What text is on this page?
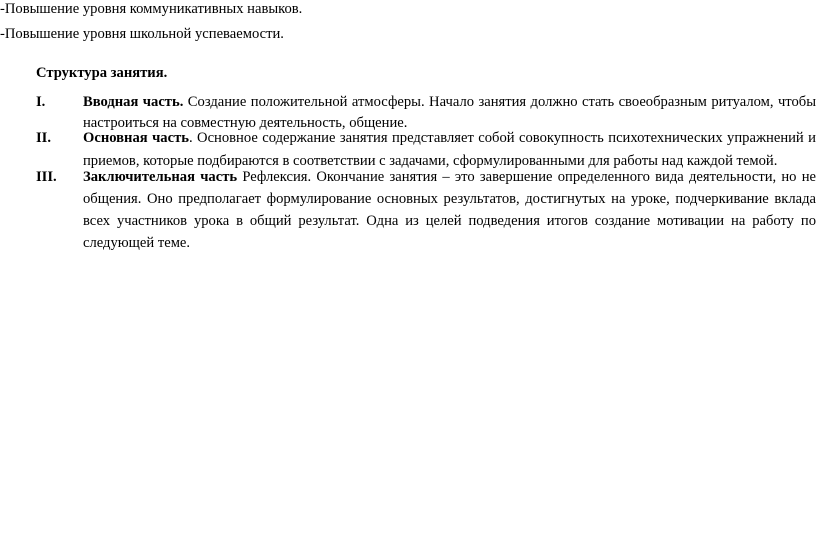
-Повышение уровня коммуникативных навыков.
-Повышение уровня школьной успеваемости.
Структура занятия.
I.	Вводная часть. Создание положительной атмосферы. Начало занятия должно стать своеобразным ритуалом, чтобы настроиться на совместную деятельность, общение.
II. Основная часть. Основное содержание занятия представляет собой совокупность психотехнических упражнений и приемов, которые подбираются в соответствии с задачами, сформулированными для работы над каждой темой.
III. Заключительная часть Рефлексия. Окончание занятия – это завершение определенного вида деятельности, но не общения. Оно предполагает формулирование основных результатов, достигнутых на уроке, подчеркивание вклада всех участников урока в общий результат. Одна из целей подведения итогов создание мотивации на работу по следующей теме.
